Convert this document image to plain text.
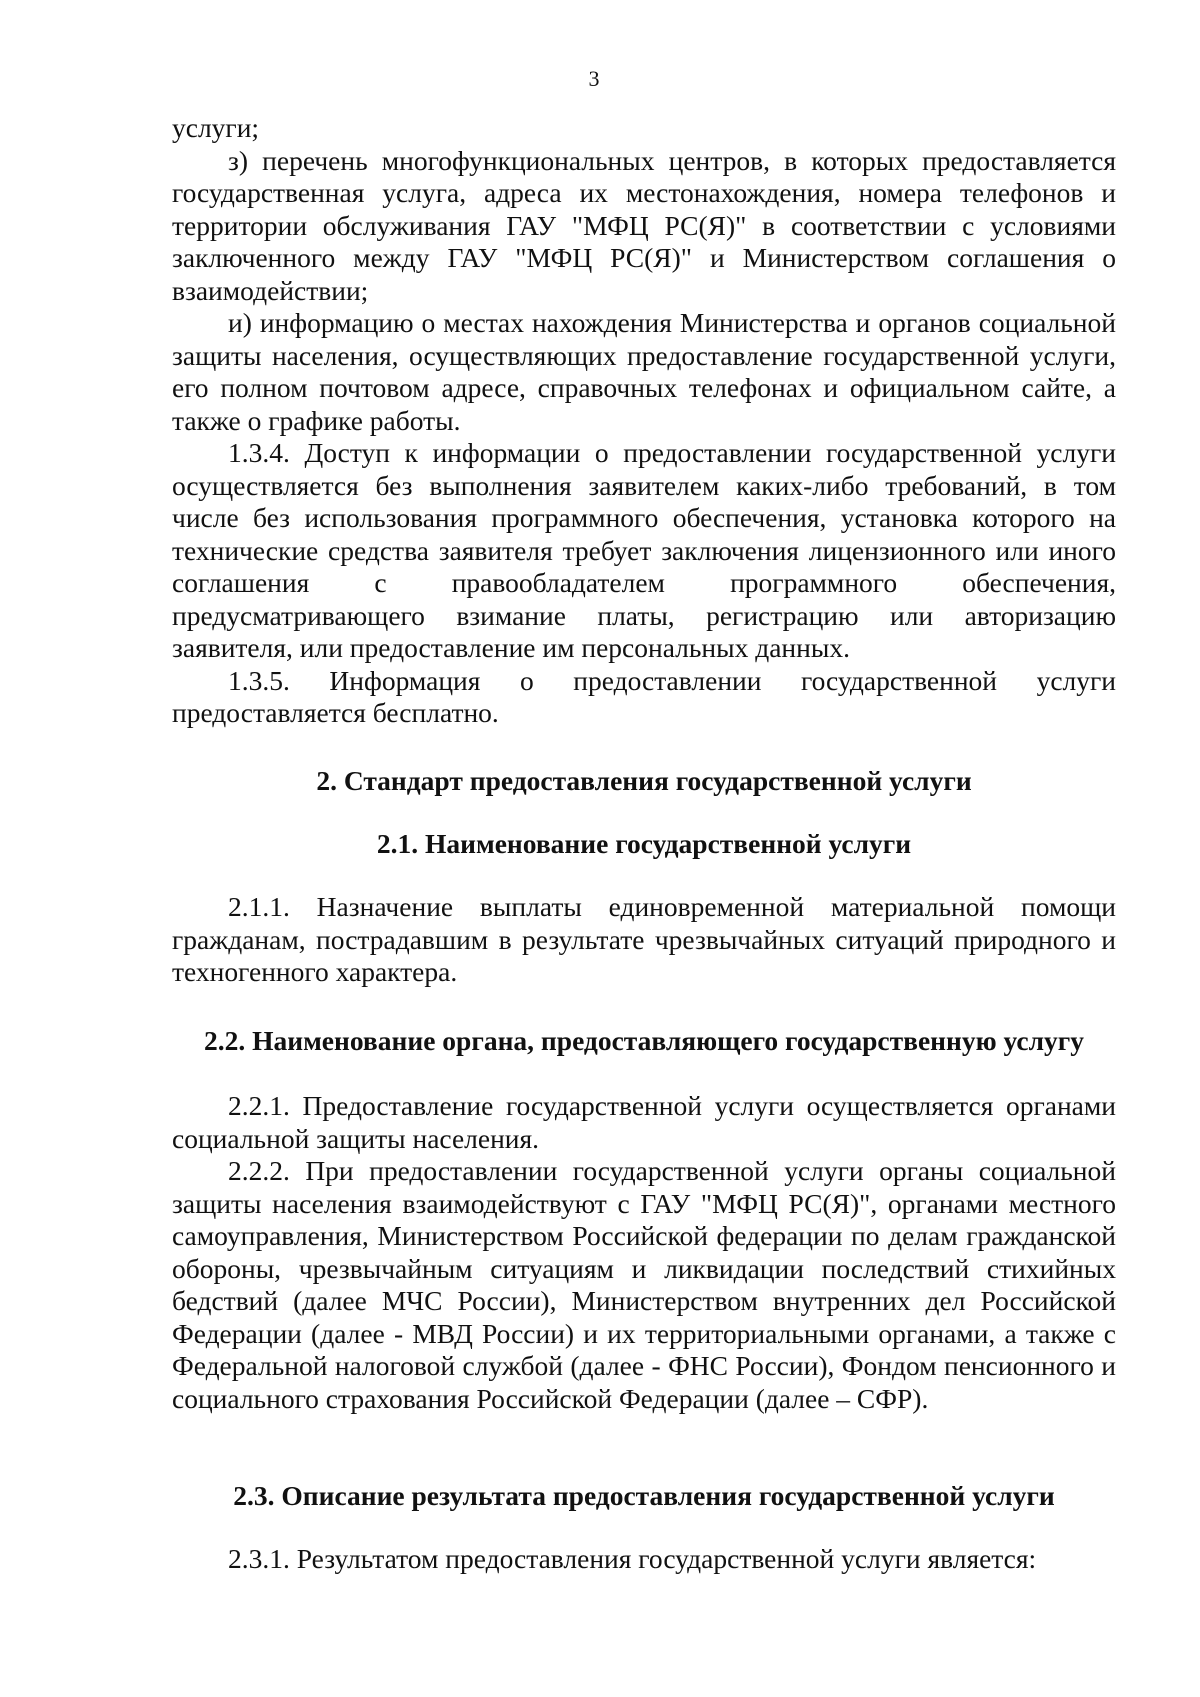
3

услуги;

з) перечень многофункциональных центров, в которых предоставляется государственная услуга, адреса их местонахождения, номера телефонов и территории обслуживания ГАУ "МФЦ РС(Я)" в соответствии с условиями заключенного между ГАУ "МФЦ РС(Я)" и Министерством соглашения о взаимодействии;

и) информацию о местах нахождения Министерства и органов социальной защиты населения, осуществляющих предоставление государственной услуги, его полном почтовом адресе, справочных телефонах и официальном сайте, а также о графике работы.

1.3.4. Доступ к информации о предоставлении государственной услуги осуществляется без выполнения заявителем каких-либо требований, в том числе без использования программного обеспечения, установка которого на технические средства заявителя требует заключения лицензионного или иного соглашения с правообладателем программного обеспечения, предусматривающего взимание платы, регистрацию или авторизацию заявителя, или предоставление им персональных данных.

1.3.5. Информация о предоставлении государственной услуги предоставляется бесплатно.

2. Стандарт предоставления государственной услуги
2.1. Наименование государственной услуги

2.1.1. Назначение выплаты единовременной материальной помощи гражданам, пострадавшим в результате чрезвычайных ситуаций природного и техногенного характера.

2.2. Наименование органа, предоставляющего государственную услугу

2.2.1. Предоставление государственной услуги осуществляется органами социальной защиты населения.

2.2.2. При предоставлении государственной услуги органы социальной защиты населения взаимодействуют с ГАУ "МФЦ РС(Я)", органами местного самоуправления, Министерством Российской федерации по делам гражданской обороны, чрезвычайным ситуациям и ликвидации последствий стихийных бедствий (далее МЧС России), Министерством внутренних дел Российской Федерации (далее - МВД России) и их территориальными органами, а также с Федеральной налоговой службой (далее - ФНС России), Фондом пенсионного и социального страхования Российской Федерации (далее – СФР).

2.3. Описание результата предоставления государственной услуги

2.3.1. Результатом предоставления государственной услуги является:
